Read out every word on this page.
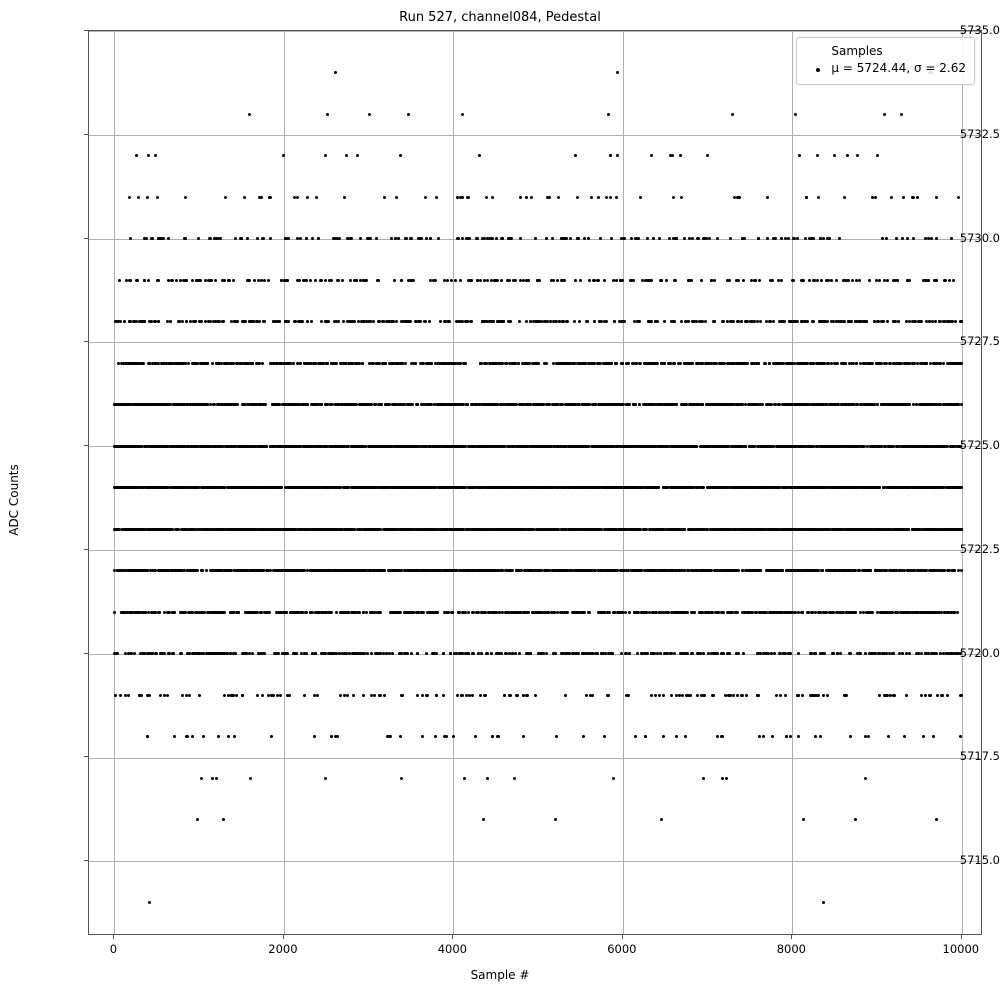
Run 527, channel084, Pedestal
ADC Counts
Sample #
Samples
μ = 5724.44, σ = 2.62
5715.0
5717.5
5720.0
5722.5
5725.0
5727.5
5730.0
5732.5
5735.0
0	2000	4000	6000	8000	10000
